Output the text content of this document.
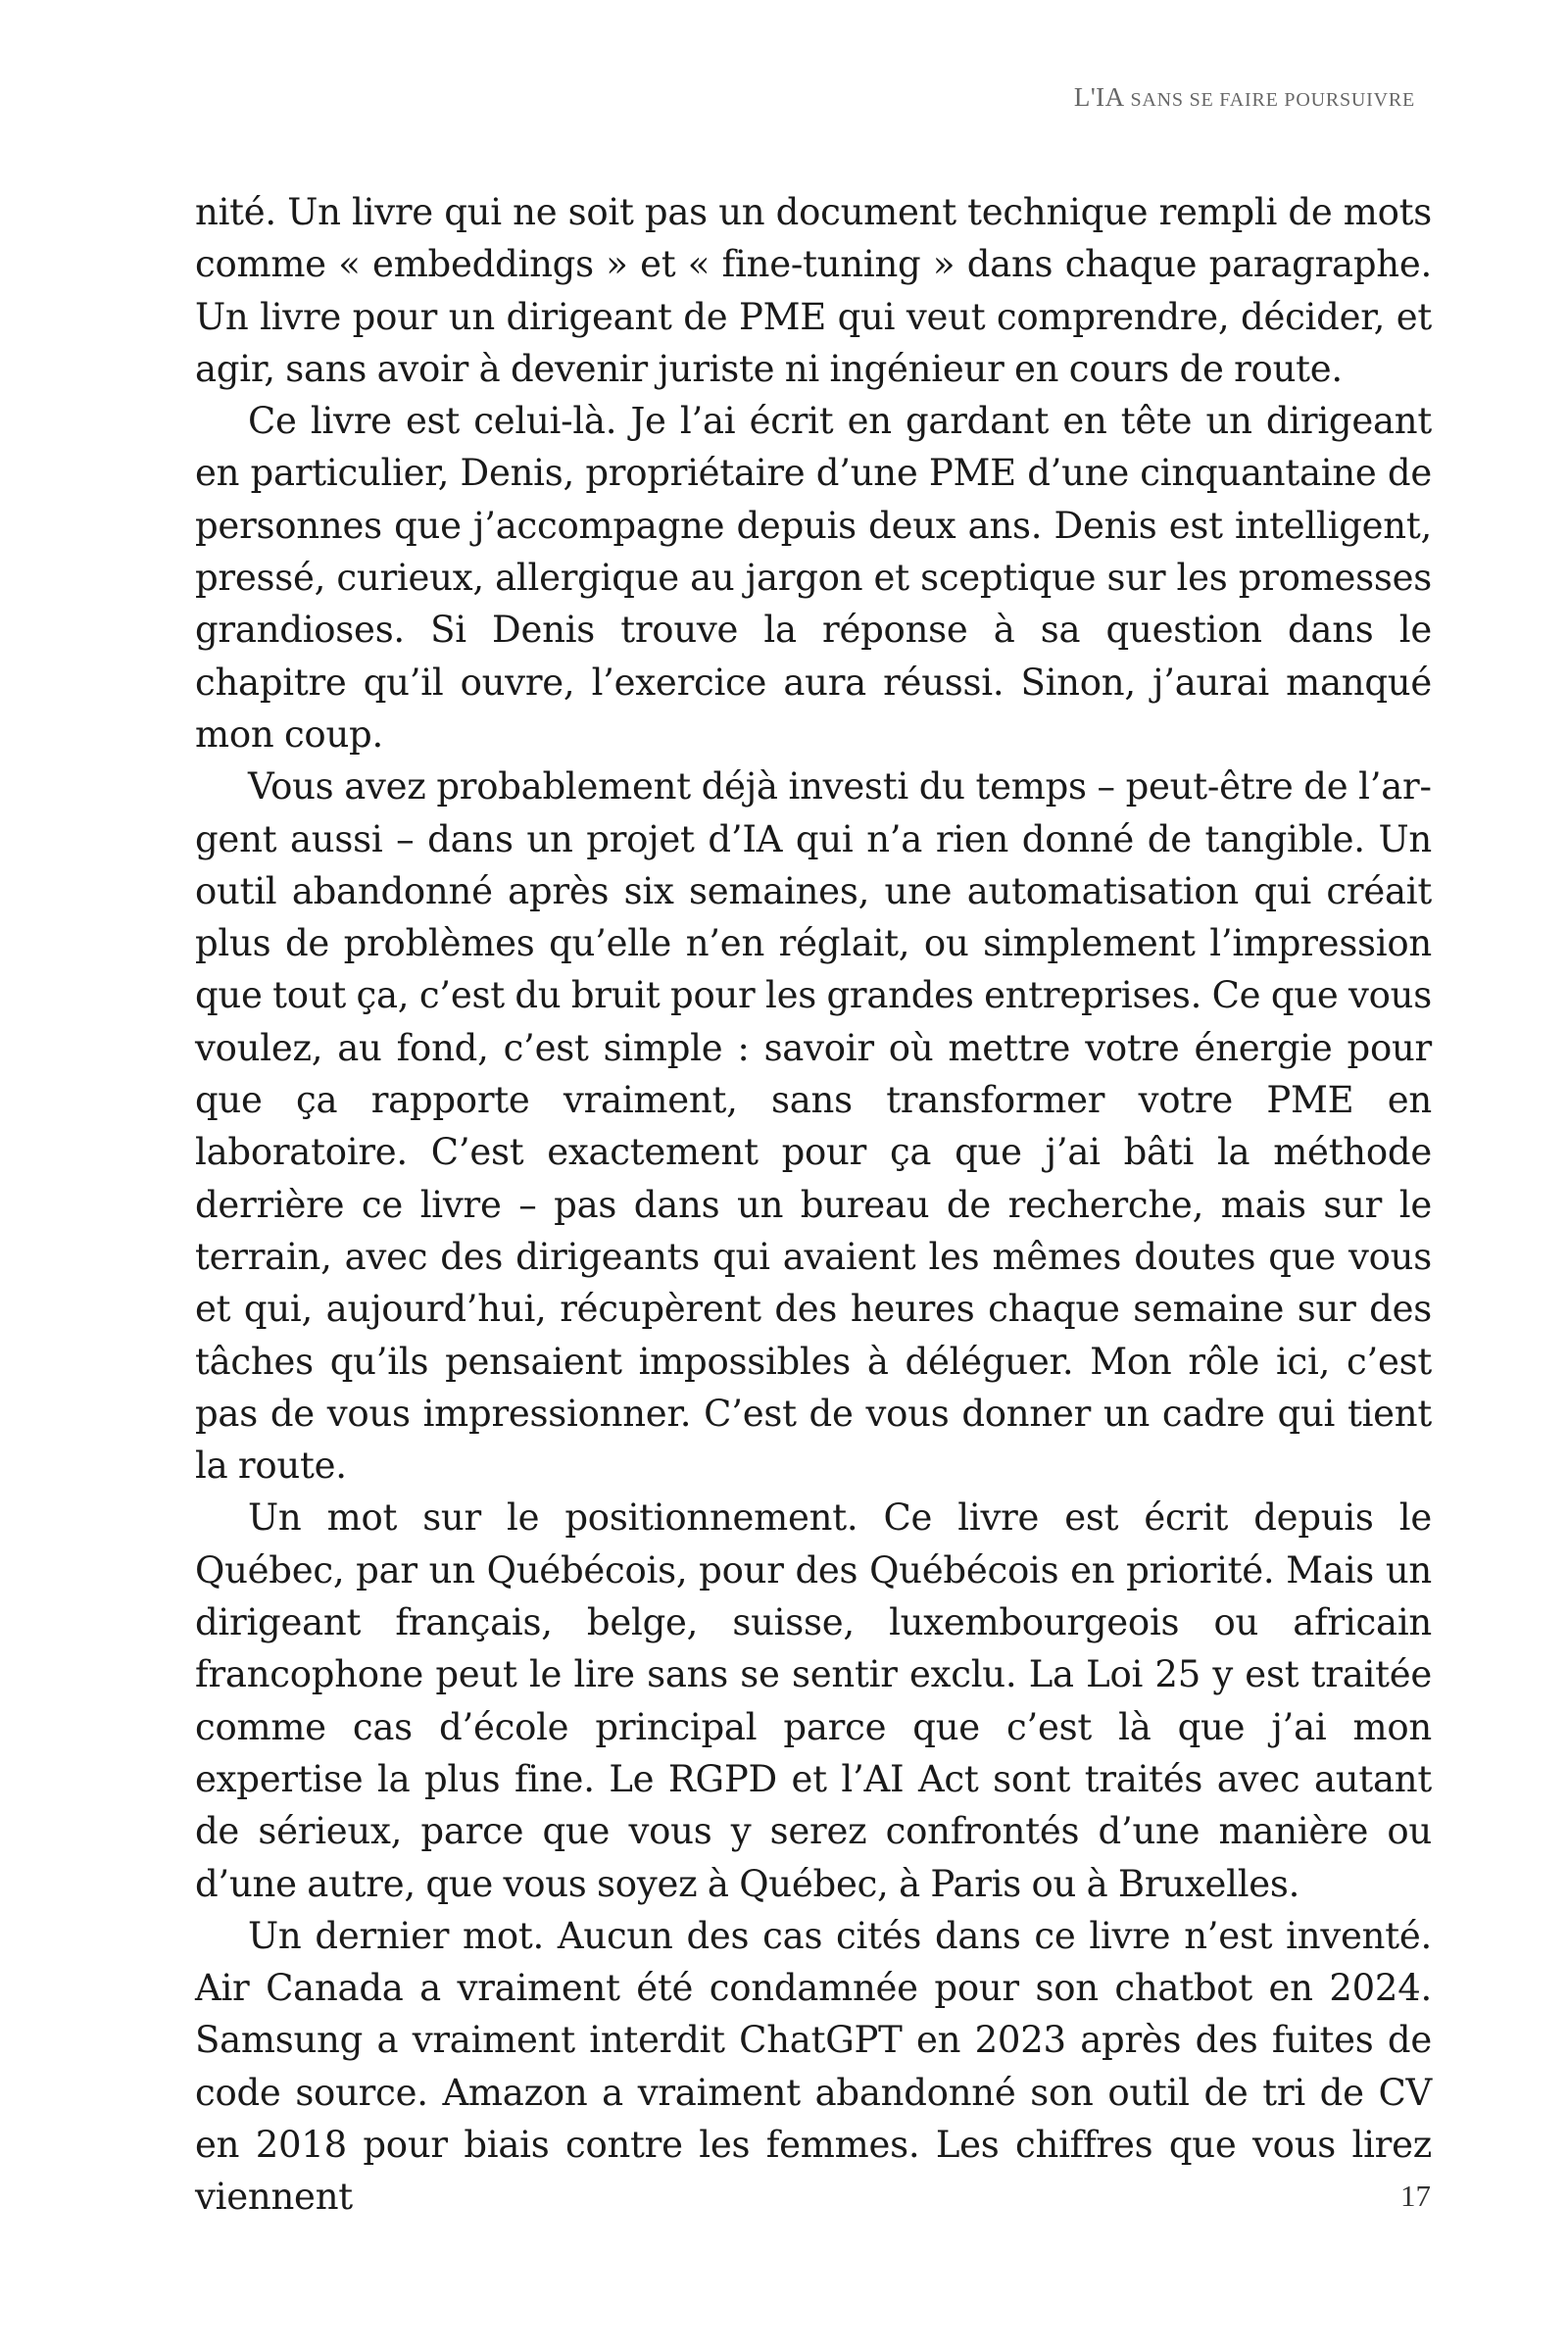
L'IA SANS SE FAIRE POURSUIVRE

nité. Un livre qui ne soit pas un document technique rempli de mots comme « embeddings » et « fine-tuning » dans chaque paragraphe. Un livre pour un dirigeant de PME qui veut comprendre, décider, et agir, sans avoir à devenir juriste ni ingénieur en cours de route.

Ce livre est celui-là. Je l’ai écrit en gardant en tête un dirigeant en particulier, Denis, propriétaire d’une PME d’une cinquantaine de personnes que j’accompagne depuis deux ans. Denis est intelligent, pressé, curieux, allergique au jargon et sceptique sur les promesses grandioses. Si Denis trouve la réponse à sa question dans le chapitre qu’il ouvre, l’exercice aura réussi. Sinon, j’aurai manqué mon coup.

Vous avez probablement déjà investi du temps – peut-être de l’argent aussi – dans un projet d’IA qui n’a rien donné de tangible. Un outil abandonné après six semaines, une automatisation qui créait plus de problèmes qu’elle n’en réglait, ou simplement l’impression que tout ça, c’est du bruit pour les grandes entreprises. Ce que vous voulez, au fond, c’est simple : savoir où mettre votre énergie pour que ça rapporte vraiment, sans transformer votre PME en laboratoire. C’est exactement pour ça que j’ai bâti la méthode derrière ce livre – pas dans un bureau de recherche, mais sur le terrain, avec des dirigeants qui avaient les mêmes doutes que vous et qui, aujourd’hui, récupèrent des heures chaque semaine sur des tâches qu’ils pensaient impossibles à déléguer. Mon rôle ici, c’est pas de vous impressionner. C’est de vous donner un cadre qui tient la route.

Un mot sur le positionnement. Ce livre est écrit depuis le Québec, par un Québécois, pour des Québécois en priorité. Mais un dirigeant français, belge, suisse, luxembourgeois ou africain francophone peut le lire sans se sentir exclu. La Loi 25 y est traitée comme cas d’école principal parce que c’est là que j’ai mon expertise la plus fine. Le RGPD et l’AI Act sont traités avec autant de sérieux, parce que vous y serez confrontés d’une manière ou d’une autre, que vous soyez à Québec, à Paris ou à Bruxelles.

Un dernier mot. Aucun des cas cités dans ce livre n’est inventé. Air Canada a vraiment été condamnée pour son chatbot en 2024. Samsung a vraiment interdit ChatGPT en 2023 après des fuites de code source. Amazon a vraiment abandonné son outil de tri de CV en 2018 pour biais contre les femmes. Les chiffres que vous lirez viennent	17
